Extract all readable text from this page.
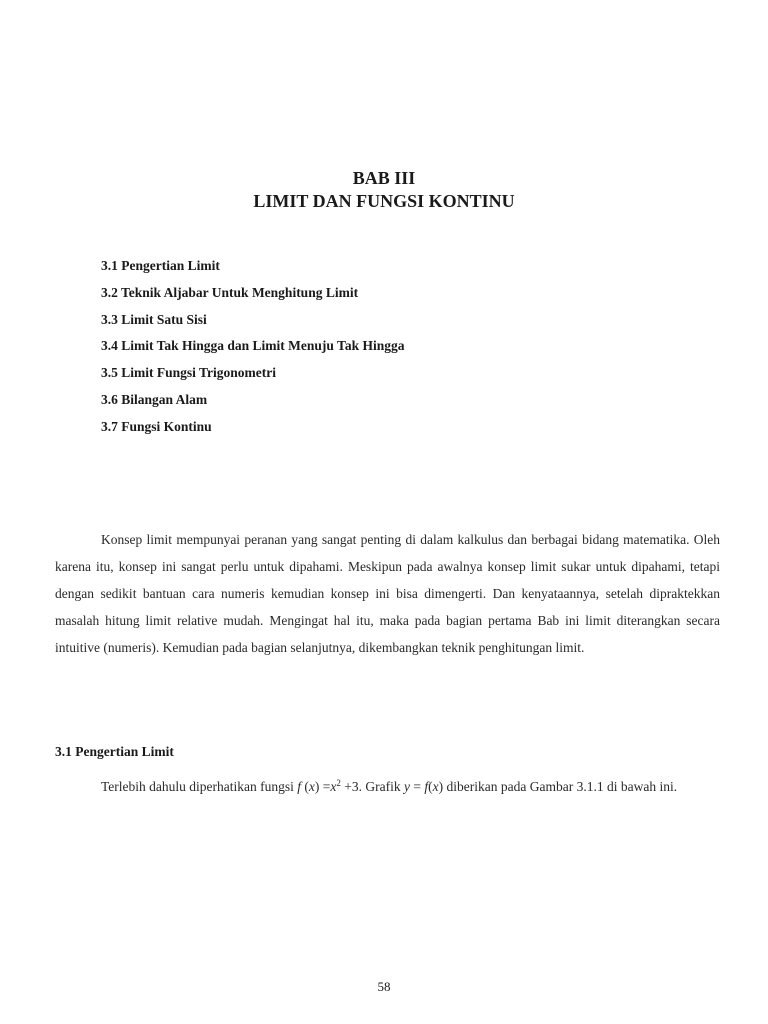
BAB III
LIMIT DAN FUNGSI KONTINU
3.1 Pengertian Limit
3.2 Teknik Aljabar Untuk Menghitung Limit
3.3 Limit Satu Sisi
3.4 Limit Tak Hingga dan Limit Menuju Tak Hingga
3.5 Limit Fungsi Trigonometri
3.6 Bilangan Alam
3.7 Fungsi Kontinu

Konsep limit mempunyai peranan yang sangat penting di dalam kalkulus dan berbagai bidang matematika. Oleh karena itu, konsep ini sangat perlu untuk dipahami. Meskipun pada awalnya konsep limit sukar untuk dipahami, tetapi dengan sedikit bantuan cara numeris kemudian konsep ini bisa dimengerti. Dan kenyataannya, setelah dipraktekkan masalah hitung limit relative mudah. Mengingat hal itu, maka pada bagian pertama Bab ini limit diterangkan secara intuitive (numeris). Kemudian pada bagian selanjutnya, dikembangkan teknik penghitungan limit.

3.1 Pengertian Limit

Terlebih dahulu diperhatikan fungsi f $(x) =x^2 +3$. Grafik y = f(x) diberikan pada Gambar 3.1.1 di bawah ini.

58
